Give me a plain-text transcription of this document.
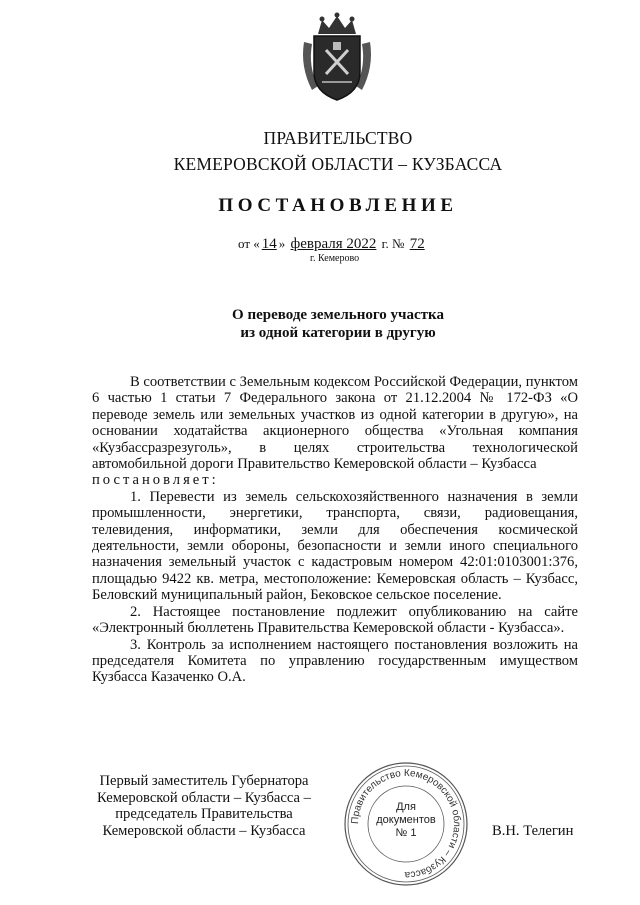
ПРАВИТЕЛЬСТВО
КЕМЕРОВСКОЙ ОБЛАСТИ – КУЗБАССА
ПОСТАНОВЛЕНИЕ
от « 14 » февраля 2022 г. № 72
г. Кемерово
О переводе земельного участка
из одной категории в другую

В соответствии с Земельным кодексом Российской Федерации, пунктом 6 частью 1 статьи 7 Федерального закона от 21.12.2004 № 172-ФЗ «О переводе земель или земельных участков из одной категории в другую», на основании ходатайства акционерного общества «Угольная компания «Кузбассразрезуголь», в целях строительства технологической автомобильной дороги Правительство Кемеровской области – Кузбасса

постановляет:

1. Перевести из земель сельскохозяйственного назначения в земли промышленности, энергетики, транспорта, связи, радиовещания, телевидения, информатики, земли для обеспечения космической деятельности, земли обороны, безопасности и земли иного специального назначения земельный участок с кадастровым номером 42:01:0103001:376, площадью 9422 кв. метра, местоположение: Кемеровская область – Кузбасс, Беловский муниципальный район, Бековское сельское поселение.

2. Настоящее постановление подлежит опубликованию на сайте «Электронный бюллетень Правительства Кемеровской области - Кузбасса».

3. Контроль за исполнением настоящего постановления возложить на председателя Комитета по управлению государственным имуществом Кузбасса Казаченко О.А.

Первый заместитель Губернатора
Кемеровской области – Кузбасса –
председатель Правительства
Кемеровской области – Кузбасса
Правительство Кемеровской области – Кузбасса
Для
документов
№ 1	В.Н. Телегин
